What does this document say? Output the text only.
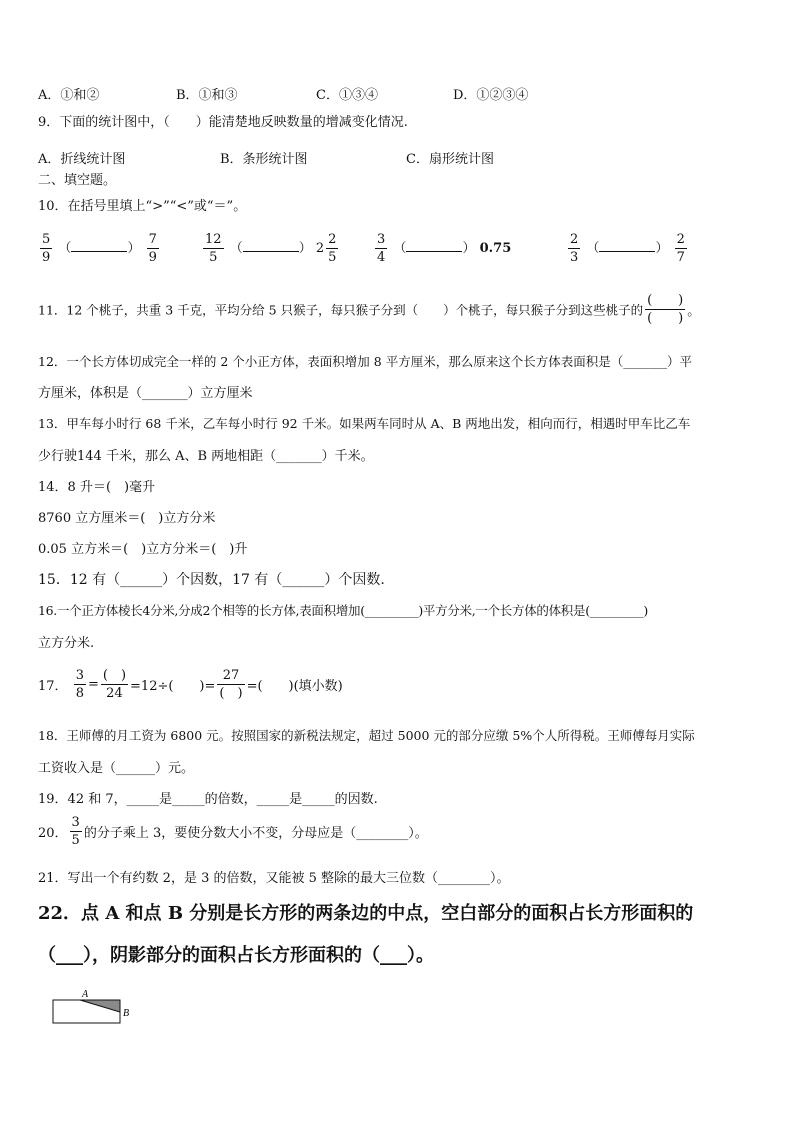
A．①和②	B．①和③	C．①③④	D．①②③④
9．下面的统计图中，（　　）能清楚地反映数量的增减变化情况.
A．折线统计图	B．条形统计图	C．扇形统计图
二、填空题。
10．在括号里填上“>”“<”或“＝”。
$\frac{5}{9}$ （	） $\frac{7}{9}$	$\frac{12}{5}$ （	） $2 \frac{2}{5}$	$\frac{3}{4}$ （	） 0.75	$\frac{2}{3}$ （	） $\frac{2}{7}$
11．12 个桃子，共重 3 千克，平均分给 5 只猴子，每只猴子分到（　　）个桃子，每只猴子分到这些桃子的 $\frac{( )}{( )}$ 。
12．一个长方体切成完全一样的 2 个小正方体，表面积增加 8 平方厘米，那么原来这个长方体表面积是（_______）平
方厘米，体积是（_______）立方厘米
13．甲车每小时行 68 千米，乙车每小时行 92 千米。如果两车同时从 A、B 两地出发，相向而行，相遇时甲车比乙车
少行驶144 千米，那么 A、B 两地相距（_______）千米。
14．8 升＝(　)毫升
8760 立方厘米＝(　)立方分米
0.05 立方米＝(　)立方分米＝(　)升
15．12 有（______）个因数，17 有（______）个因数.
16.一个正方体棱长4分米,分成2个相等的长方体,表面积增加(_________)平方分米,一个长方体的体积是(_________)
立方分米.
17． $\frac{3}{8} = \frac{( )}{24} =12\div$(　　)= $\frac{27}{( )}$ =(　　)(填小数)
18．王师傅的月工资为 6800 元。按照国家的新税法规定，超过 5000 元的部分应缴 5%个人所得税。王师傅每月实际
工资收入是（______）元。
19．42 和 7，_____是_____的倍数，_____是_____的因数.
20． $\frac{3}{5}$ 的分子乘上 3，要使分数大小不变，分母应是（________）。
21．写出一个有约数 2，是 3 的倍数，又能被 5 整除的最大三位数（________）。
22．点 A 和点 B 分别是长方形的两条边的中点，空白部分的面积占长方形面积的
（___），阴影部分的面积占长方形面积的（___）。
A
B
